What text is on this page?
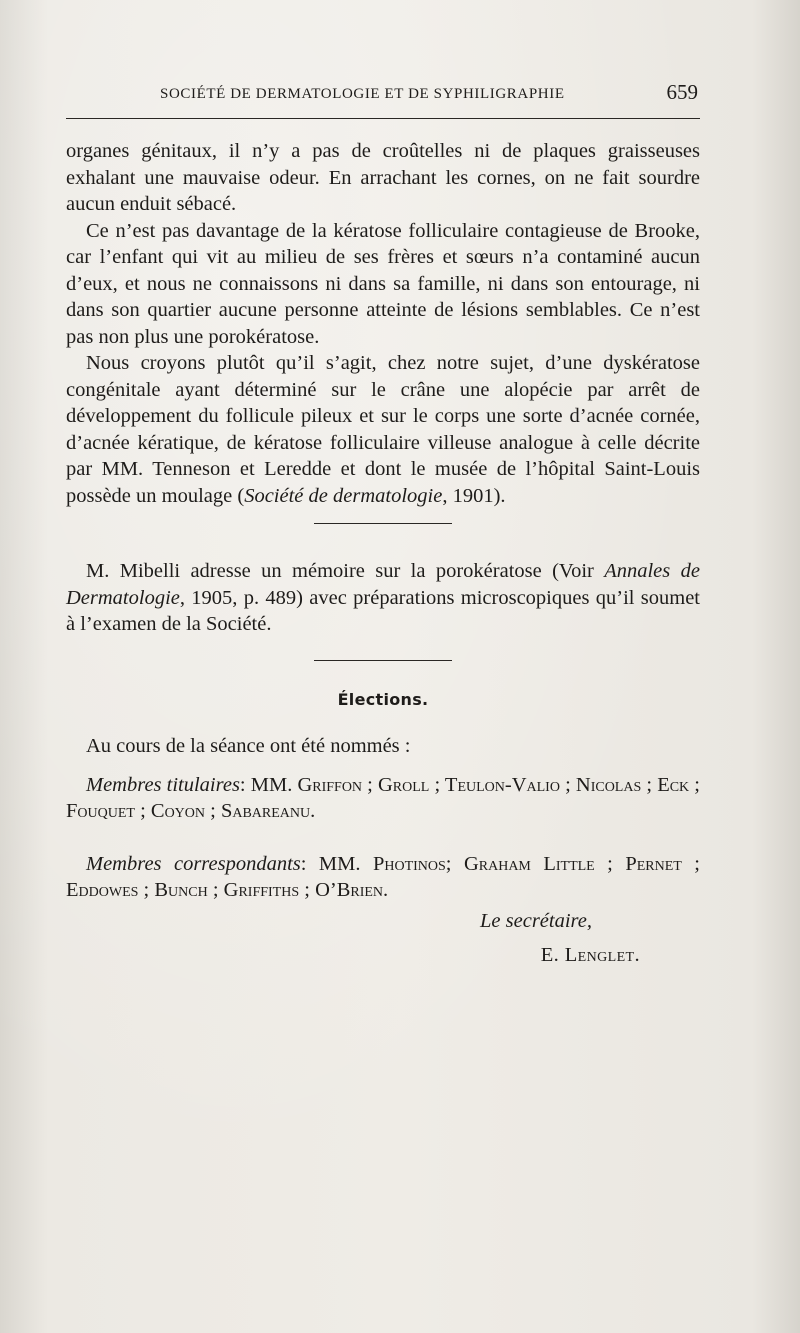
SOCIÉTÉ DE DERMATOLOGIE ET DE SYPHILIGRAPHIE	659

organes génitaux, il n’y a pas de croûtelles ni de plaques graisseuses exhalant une mauvaise odeur. En arrachant les cornes, on ne fait sourdre aucun enduit sébacé.

Ce n’est pas davantage de la kératose folliculaire contagieuse de Brooke, car l’enfant qui vit au milieu de ses frères et sœurs n’a contaminé aucun d’eux, et nous ne connaissons ni dans sa famille, ni dans son entourage, ni dans son quartier aucune personne atteinte de lésions semblables. Ce n’est pas non plus une porokératose.

Nous croyons plutôt qu’il s’agit, chez notre sujet, d’une dyskératose congénitale ayant déterminé sur le crâne une alopécie par arrêt de développement du follicule pileux et sur le corps une sorte d’acnée cornée, d’acnée kératique, de kératose folliculaire villeuse analogue à celle décrite par MM. Tenneson et Leredde et dont le musée de l’hôpital Saint-Louis possède un moulage (Société de dermatologie, 1901).

M. Mibelli adresse un mémoire sur la porokératose (Voir Annales de Dermatologie, 1905, p. 489) avec préparations microscopiques qu’il soumet à l’examen de la Société.

Élections.

Au cours de la séance ont été nommés :

Membres titulaires: MM. Griffon ; Groll ; Teulon-Valio ; Nicolas ; Eck ; Fouquet ; Coyon ; Sabareanu.

Membres correspondants: MM. Photinos; Graham Little ; Pernet ; Eddowes ; Bunch ; Griffiths ; O’Brien.

Le secrétaire,
E. Lenglet.
